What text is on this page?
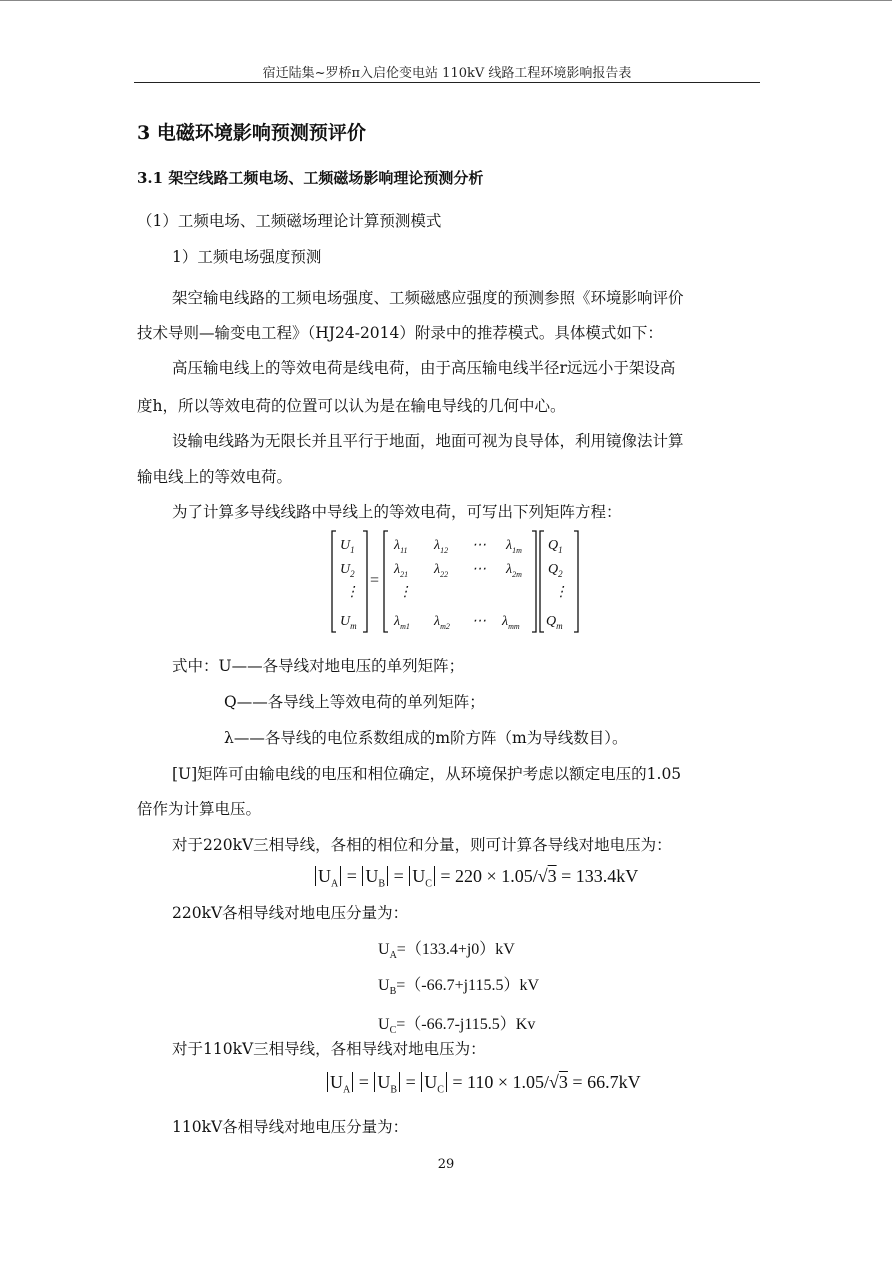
宿迁陆集~罗桥π入启伦变电站 110kV 线路工程环境影响报告表
3 电磁环境影响预测预评价
3.1 架空线路工频电场、工频磁场影响理论预测分析
（1）工频电场、工频磁场理论计算预测模式
1）工频电场强度预测
架空输电线路的工频电场强度、工频磁感应强度的预测参照《环境影响评价
技术导则—输变电工程》（HJ24-2014）附录中的推荐模式。具体模式如下：
高压输电线上的等效电荷是线电荷，由于高压输电线半径r远远小于架设高
度h，所以等效电荷的位置可以认为是在输电导线的几何中心。
设输电线路为无限长并且平行于地面，地面可视为良导体，利用镜像法计算
输电线上的等效电荷。
为了计算多导线线路中导线上的等效电荷，可写出下列矩阵方程：
$U_1$
$U_2$
⋮
$U_m$
=
$\lambda_{11}$ $\lambda_{12}$ ⋯ $\lambda_{1m}$
$\lambda_{21}$ $\lambda_{22}$ ⋯ $\lambda_{2m}$
⋮
$\lambda_{m1}$ $\lambda_{m2}$ ⋯ $\lambda_{mm}$
$Q_1$
$Q_2$
⋮
$Q_m$
式中：U——各导线对地电压的单列矩阵；
Q——各导线上等效电荷的单列矩阵；
λ——各导线的电位系数组成的m阶方阵（m为导线数目）。
[U]矩阵可由输电线的电压和相位确定，从环境保护考虑以额定电压的1.05
倍作为计算电压。
对于220kV三相导线，各相的相位和分量，则可计算各导线对地电压为：
$U_A = U_B = U_C = 220 \times 1.05/√3 = 133.4kV$
220kV各相导线对地电压分量为：
$U_A=(133.4+j0)kV$
$U_B=(-66.7+j115.5)kV$
$U_C=(-66.7-j115.5)Kv$
对于110kV三相导线，各相导线对地电压为：
$U_A = U_B = U_C = 110 \times 1.05/√3 = 66.7kV$
110kV各相导线对地电压分量为：
29
